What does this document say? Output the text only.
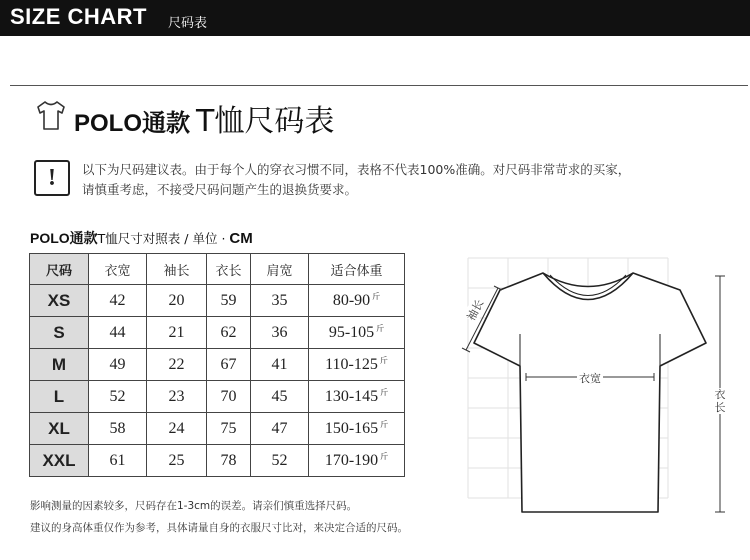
SIZE CHART 尺码表
POLO通款 T恤尺码表
!	以下为尺码建议表。由于每个人的穿衣习惯不同，表格不代表100%准确。对尺码非常苛求的买家，
请慎重考虑，不接受尺码问题产生的退换货要求。
POLO通款T恤尺寸对照表 / 单位 · CM
尺码	衣宽	袖长	衣长	肩宽	适合体重
XS	42	20	59	35	80-90 $^斤$
S	44	21	62	36	95-105 $^斤$
M	49	22	67	41	110-125 $^斤$
L	52	23	70	45	130-145 $^斤$
XL	58	24	75	47	150-165 $^斤$
XXL	61	25	78	52	170-190 $^斤$
影响测量的因素较多，尺码存在1-3cm的误差。请亲们慎重选择尺码。
建议的身高体重仅作为参考，具体请量自身的衣服尺寸比对，来决定合适的尺码。
袖长
衣宽
衣长
